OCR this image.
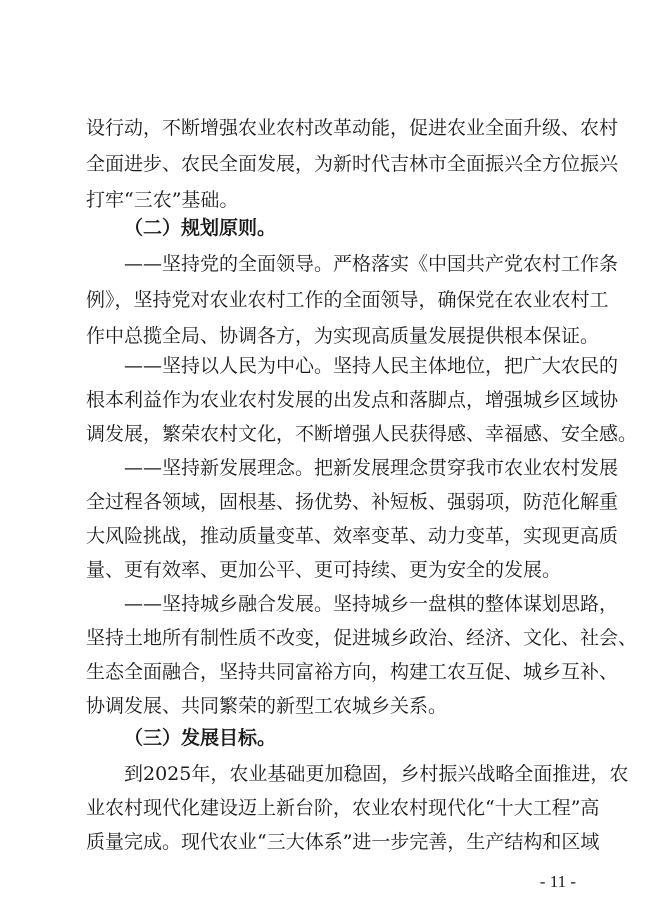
设行动，不断增强农业农村改革动能，促进农业全面升级、农村
全面进步、农民全面发展，为新时代吉林市全面振兴全方位振兴
打牢“三农”基础。
（二）规划原则。
——坚持党的全面领导。严格落实《中国共产党农村工作条
例》，坚持党对农业农村工作的全面领导，确保党在农业农村工
作中总揽全局、协调各方，为实现高质量发展提供根本保证。
——坚持以人民为中心。坚持人民主体地位，把广大农民的
根本利益作为农业农村发展的出发点和落脚点，增强城乡区域协
调发展，繁荣农村文化，不断增强人民获得感、幸福感、安全感。
——坚持新发展理念。把新发展理念贯穿我市农业农村发展
全过程各领域，固根基、扬优势、补短板、强弱项，防范化解重
大风险挑战，推动质量变革、效率变革、动力变革，实现更高质
量、更有效率、更加公平、更可持续、更为安全的发展。
——坚持城乡融合发展。坚持城乡一盘棋的整体谋划思路，
坚持土地所有制性质不改变，促进城乡政治、经济、文化、社会、
生态全面融合，坚持共同富裕方向，构建工农互促、城乡互补、
协调发展、共同繁荣的新型工农城乡关系。
（三）发展目标。
到2025年，农业基础更加稳固，乡村振兴战略全面推进，农
业农村现代化建设迈上新台阶，农业农村现代化“十大工程”高
质量完成。现代农业“三大体系”进一步完善，生产结构和区域
- 11 -
